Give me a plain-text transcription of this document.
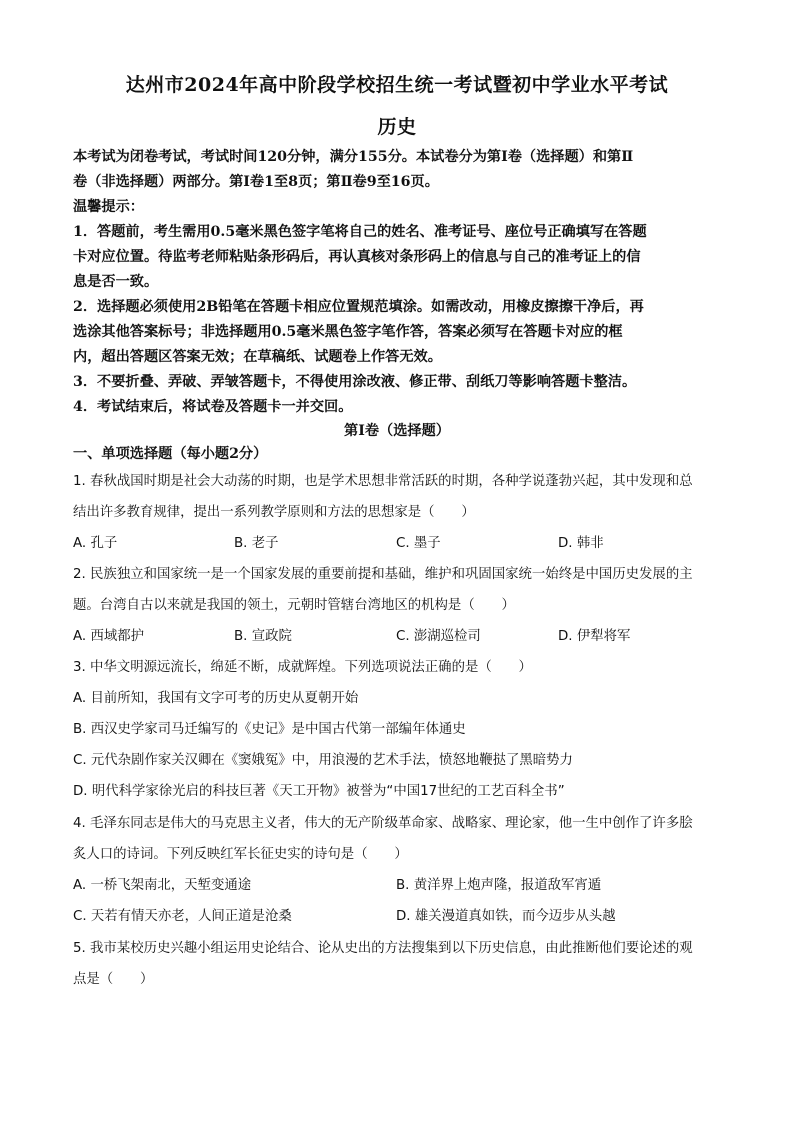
达州市2024年高中阶段学校招生统一考试暨初中学业水平考试
历史
本考试为闭卷考试，考试时间120分钟，满分155分。本试卷分为第Ⅰ卷（选择题）和第Ⅱ
卷（非选择题）两部分。第Ⅰ卷1至8页；第Ⅱ卷9至16页。
温馨提示：
1．答题前，考生需用0.5毫米黑色签字笔将自己的姓名、准考证号、座位号正确填写在答题
卡对应位置。待监考老师粘贴条形码后，再认真核对条形码上的信息与自己的准考证上的信
息是否一致。
2．选择题必须使用2B铅笔在答题卡相应位置规范填涂。如需改动，用橡皮擦擦干净后，再
选涂其他答案标号；非选择题用0.5毫米黑色签字笔作答，答案必须写在答题卡对应的框
内，超出答题区答案无效；在草稿纸、试题卷上作答无效。
3．不要折叠、弄破、弄皱答题卡，不得使用涂改液、修正带、刮纸刀等影响答题卡整洁。
4．考试结束后，将试卷及答题卡一并交回。
第Ⅰ卷（选择题）
一、单项选择题（每小题2分）
1. 春秋战国时期是社会大动荡的时期，也是学术思想非常活跃的时期，各种学说蓬勃兴起，其中发现和总
结出许多教育规律，提出一系列教学原则和方法的思想家是（　　）
A. 孔子	B. 老子	C. 墨子	D. 韩非
2. 民族独立和国家统一是一个国家发展的重要前提和基础，维护和巩固国家统一始终是中国历史发展的主
题。台湾自古以来就是我国的领土，元朝时管辖台湾地区的机构是（　　）
A. 西域都护	B. 宣政院	C. 澎湖巡检司	D. 伊犁将军
3. 中华文明源远流长，绵延不断，成就辉煌。下列选项说法正确的是（　　）
A. 目前所知，我国有文字可考的历史从夏朝开始
B. 西汉史学家司马迁编写的《史记》是中国古代第一部编年体通史
C. 元代杂剧作家关汉卿在《窦娥冤》中，用浪漫的艺术手法，愤怒地鞭挞了黑暗势力
D. 明代科学家徐光启的科技巨著《天工开物》被誉为“中国17世纪的工艺百科全书”
4. 毛泽东同志是伟大的马克思主义者，伟大的无产阶级革命家、战略家、理论家，他一生中创作了许多脍
炙人口的诗词。下列反映红军长征史实的诗句是（　　）
A. 一桥飞架南北，天堑变通途	B. 黄洋界上炮声隆，报道敌军宵遁
C. 天若有情天亦老，人间正道是沧桑	D. 雄关漫道真如铁，而今迈步从头越
5. 我市某校历史兴趣小组运用史论结合、论从史出的方法搜集到以下历史信息，由此推断他们要论述的观
点是（　　）
